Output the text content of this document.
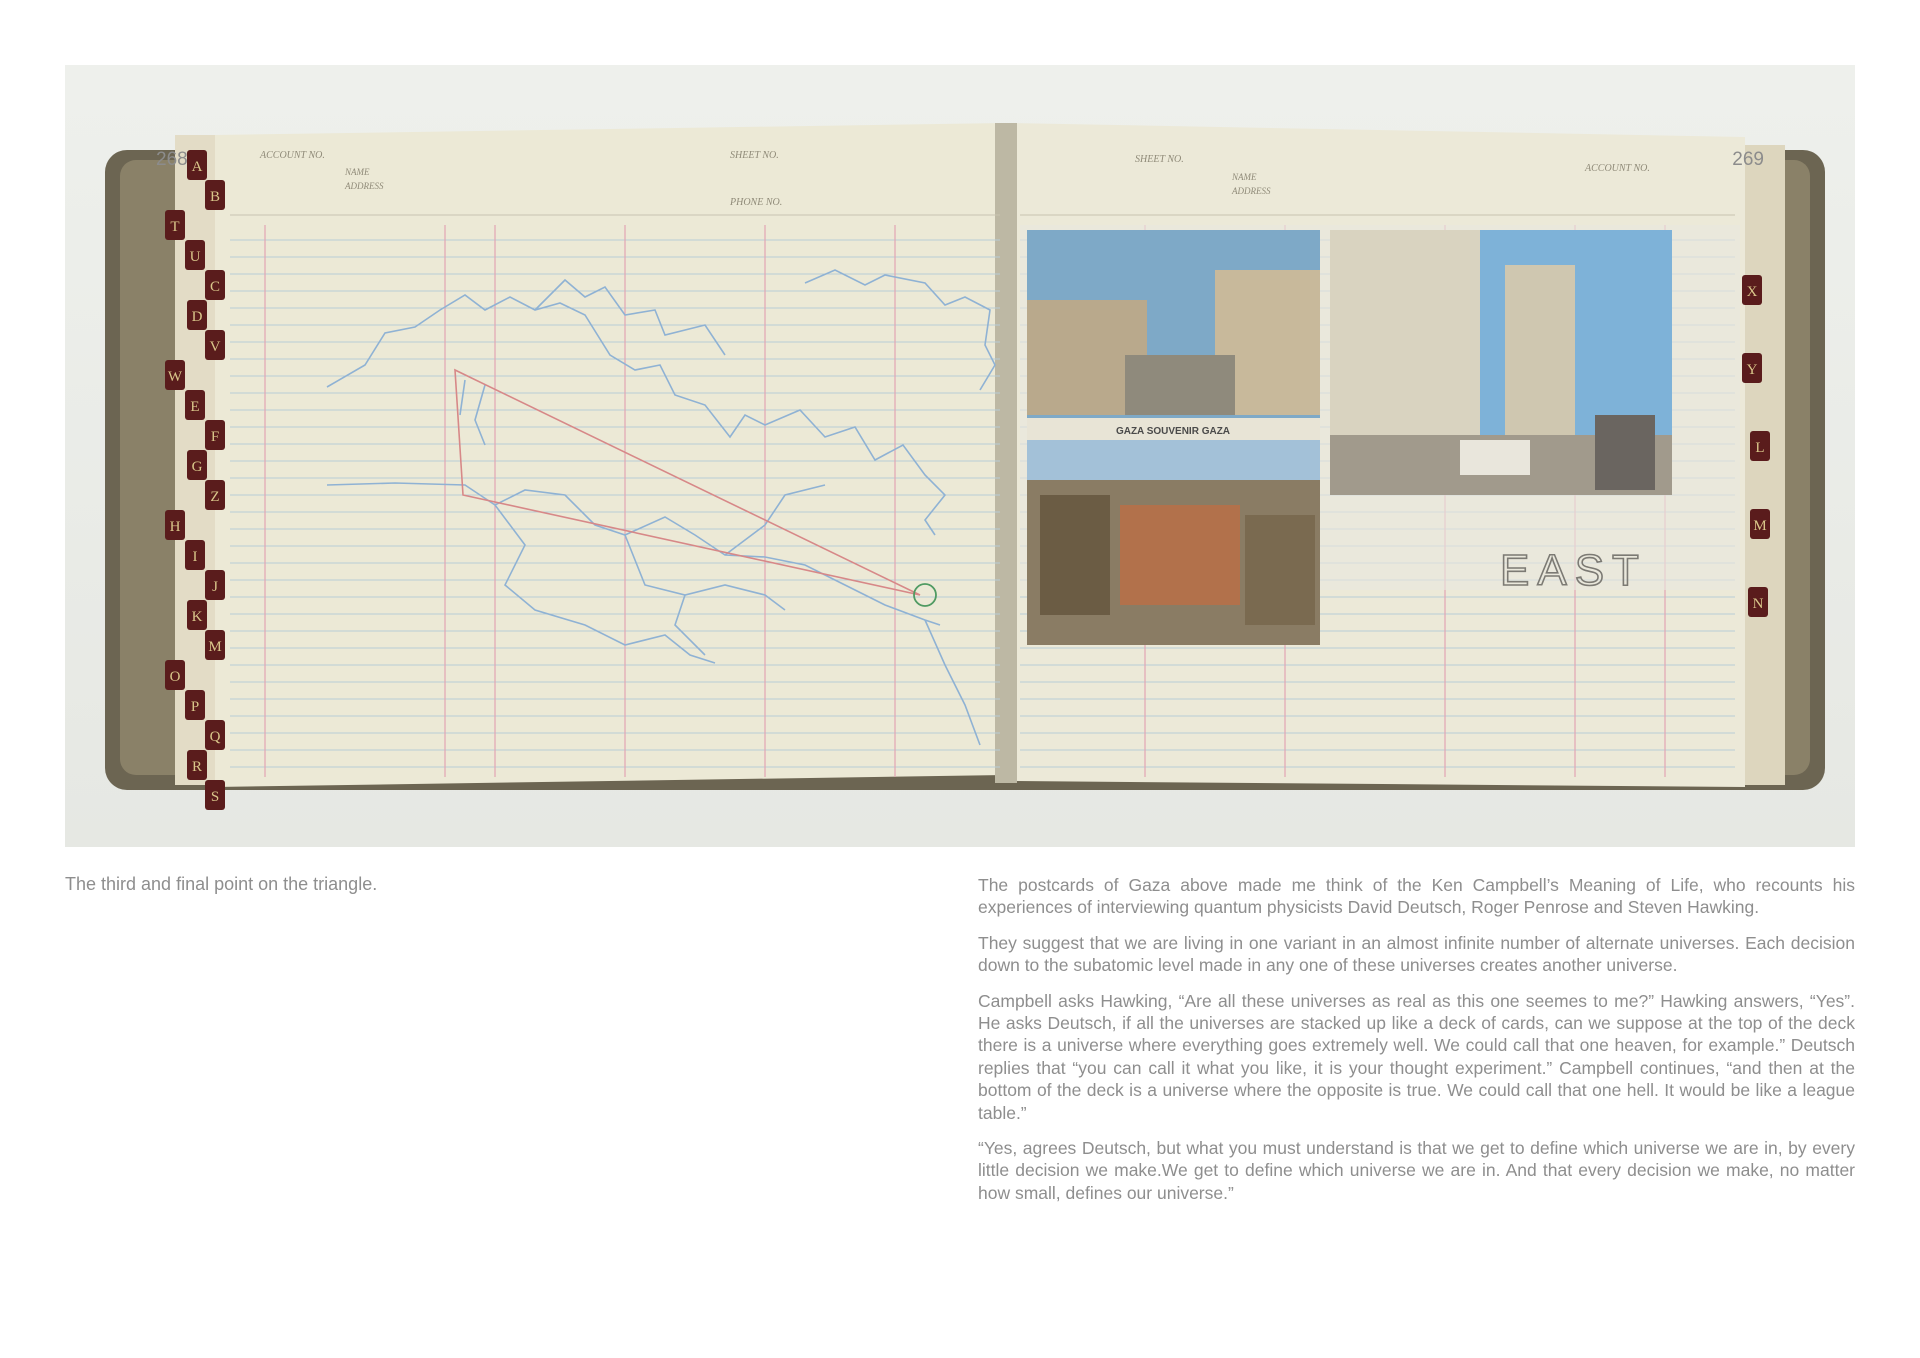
ACCOUNT NO.
NAME
ADDRESS
SHEET NO.
PHONE NO.
SHEET NO.
NAME
ADDRESS
ACCOUNT NO.
GAZA SOUVENIR GAZA
EAST
A
B
T
U
C
D
V
W
E
F
G
Z
H
I
J
K
M
O
P
Q
R
S
X
Y
L
M
N
268	269
The third and final point on the triangle.	The postcards of Gaza above made me think of the Ken Campbell’s Meaning of Life, who recounts his experiences of interviewing quantum physicists David Deutsch, Roger Penrose and Steven Hawking.

They suggest that we are living in one variant in an almost infinite number of alternate universes. Each decision down to the subatomic level made in any one of these universes creates another universe.

Campbell asks Hawking, “Are all these universes as real as this one seemes to me?” Hawking answers, “Yes”. He asks Deutsch, if all the universes are stacked up like a deck of cards, can we suppose at the top of the deck there is a universe where everything goes extremely well. We could call that one heaven, for example.” Deutsch replies that “you can call it what you like, it is your thought experiment.” Campbell continues, “and then at the bottom of the deck is a universe where the opposite is true. We could call that one hell. It would be like a league table.”

“Yes, agrees Deutsch, but what you must understand is that we get to define which universe we are in, by every little decision we make.We get to define which universe we are in. And that every decision we make, no matter how small, defines our universe.”
